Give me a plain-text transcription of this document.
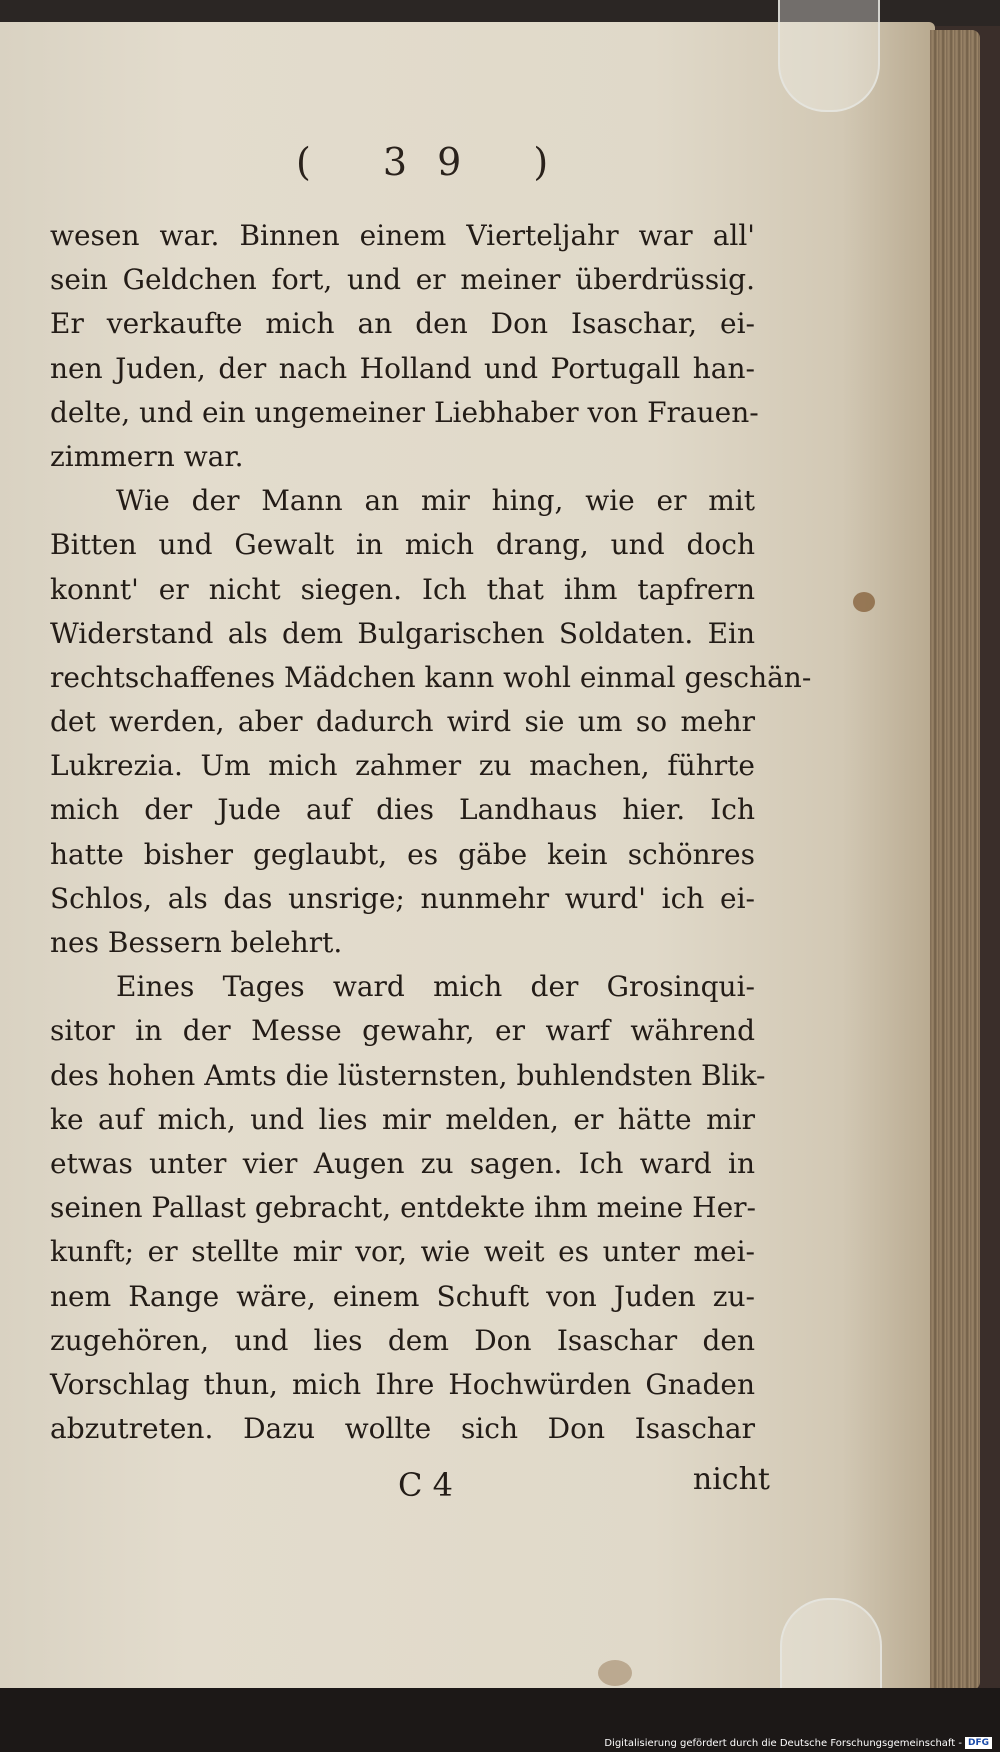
( 39 )
wesen war. Binnen einem Vierteljahr war all'
sein Geldchen fort, und er meiner überdrüssig.
Er verkaufte mich an den Don Isaschar, ei-
nen Juden, der nach Holland und Portugall han-
delte, und ein ungemeiner Liebhaber von Frauen-
zimmern war.
Wie der Mann an mir hing, wie er mit
Bitten und Gewalt in mich drang, und doch
konnt' er nicht siegen. Ich that ihm tapfrern
Widerstand als dem Bulgarischen Soldaten. Ein
rechtschaffenes Mädchen kann wohl einmal geschän-
det werden, aber dadurch wird sie um so mehr
Lukrezia. Um mich zahmer zu machen, führte
mich der Jude auf dies Landhaus hier. Ich
hatte bisher geglaubt, es gäbe kein schönres
Schlos, als das unsrige; nunmehr wurd' ich ei-
nes Bessern belehrt.
Eines Tages ward mich der Grosinqui-
sitor in der Messe gewahr, er warf während
des hohen Amts die lüsternsten, buhlendsten Blik-
ke auf mich, und lies mir melden, er hätte mir
etwas unter vier Augen zu sagen. Ich ward in
seinen Pallast gebracht, entdekte ihm meine Her-
kunft; er stellte mir vor, wie weit es unter mei-
nem Range wäre, einem Schuft von Juden zu-
zugehören, und lies dem Don Isaschar den
Vorschlag thun, mich Ihre Hochwürden Gnaden
abzutreten. Dazu wollte sich Don Isaschar
C 4	nicht
Digitalisierung gefördert durch die Deutsche Forschungsgemeinschaft - DFG
